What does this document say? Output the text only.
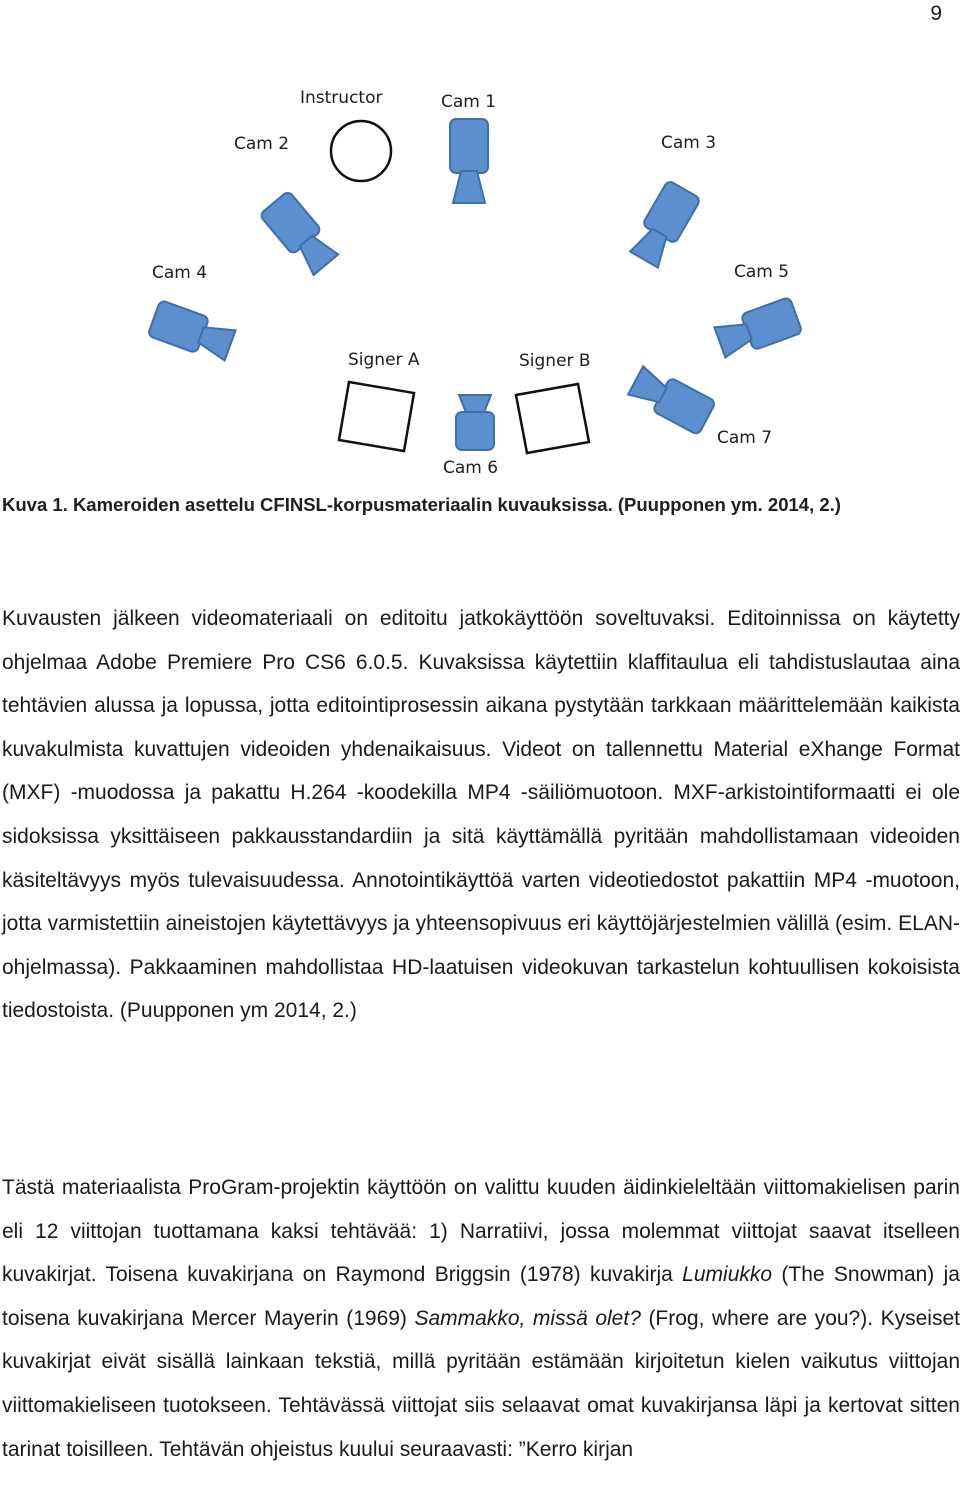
9
Instructor	Cam 1
Cam 2	Cam 3
Cam 4	Cam 5
Signer A	Signer B
Cam 7
Cam 6
Kuva 1. Kameroiden asettelu CFINSL-korpusmateriaalin kuvauksissa. (Puupponen ym. 2014, 2.)

Kuvausten jälkeen videomateriaali on editoitu jatkokäyttöön soveltuvaksi. Editoinnissa on käytetty ohjelmaa Adobe Premiere Pro CS6 6.0.5. Kuvaksissa käytettiin klaffitaulua eli tahdistuslautaa aina tehtävien alussa ja lopussa, jotta editointiprosessin aikana pystytään tarkkaan määrittelemään kaikista kuvakulmista kuvattujen videoiden yhdenaikaisuus. Videot on tallennettu Material eXhange Format (MXF) -muodossa ja pakattu H.264 -koodekilla MP4 -säiliömuotoon. MXF-arkistointiformaatti ei ole sidoksissa yksittäiseen pakkausstandardiin ja sitä käyttämällä pyritään mahdollistamaan videoiden käsiteltävyys myös tulevaisuudessa. Annotointikäyttöä varten videotiedostot pakattiin MP4 -muotoon, jotta varmistettiin aineistojen käytettävyys ja yhteensopivuus eri käyttöjärjestelmien välillä (esim. ELAN-ohjelmassa). Pakkaaminen mahdollistaa HD-laatuisen videokuvan tarkastelun kohtuullisen kokoisista tiedostoista. (Puupponen ym 2014, 2.)

Tästä materiaalista ProGram-projektin käyttöön on valittu kuuden äidinkieleltään viittomakielisen parin eli 12 viittojan tuottamana kaksi tehtävää: 1) Narratiivi, jossa molemmat viittojat saavat itselleen kuvakirjat. Toisena kuvakirjana on Raymond Briggsin (1978) kuvakirja Lumiukko (The Snowman) ja toisena kuvakirjana Mercer Mayerin (1969) Sammakko, missä olet? (Frog, where are you?). Kyseiset kuvakirjat eivät sisällä lainkaan tekstiä, millä pyritään estämään kirjoitetun kielen vaikutus viittojan viittomakieliseen tuotokseen. Tehtävässä viittojat siis selaavat omat kuvakirjansa läpi ja kertovat sitten tarinat toisilleen. Tehtävän ohjeistus kuului seuraavasti: ”Kerro kirjan
